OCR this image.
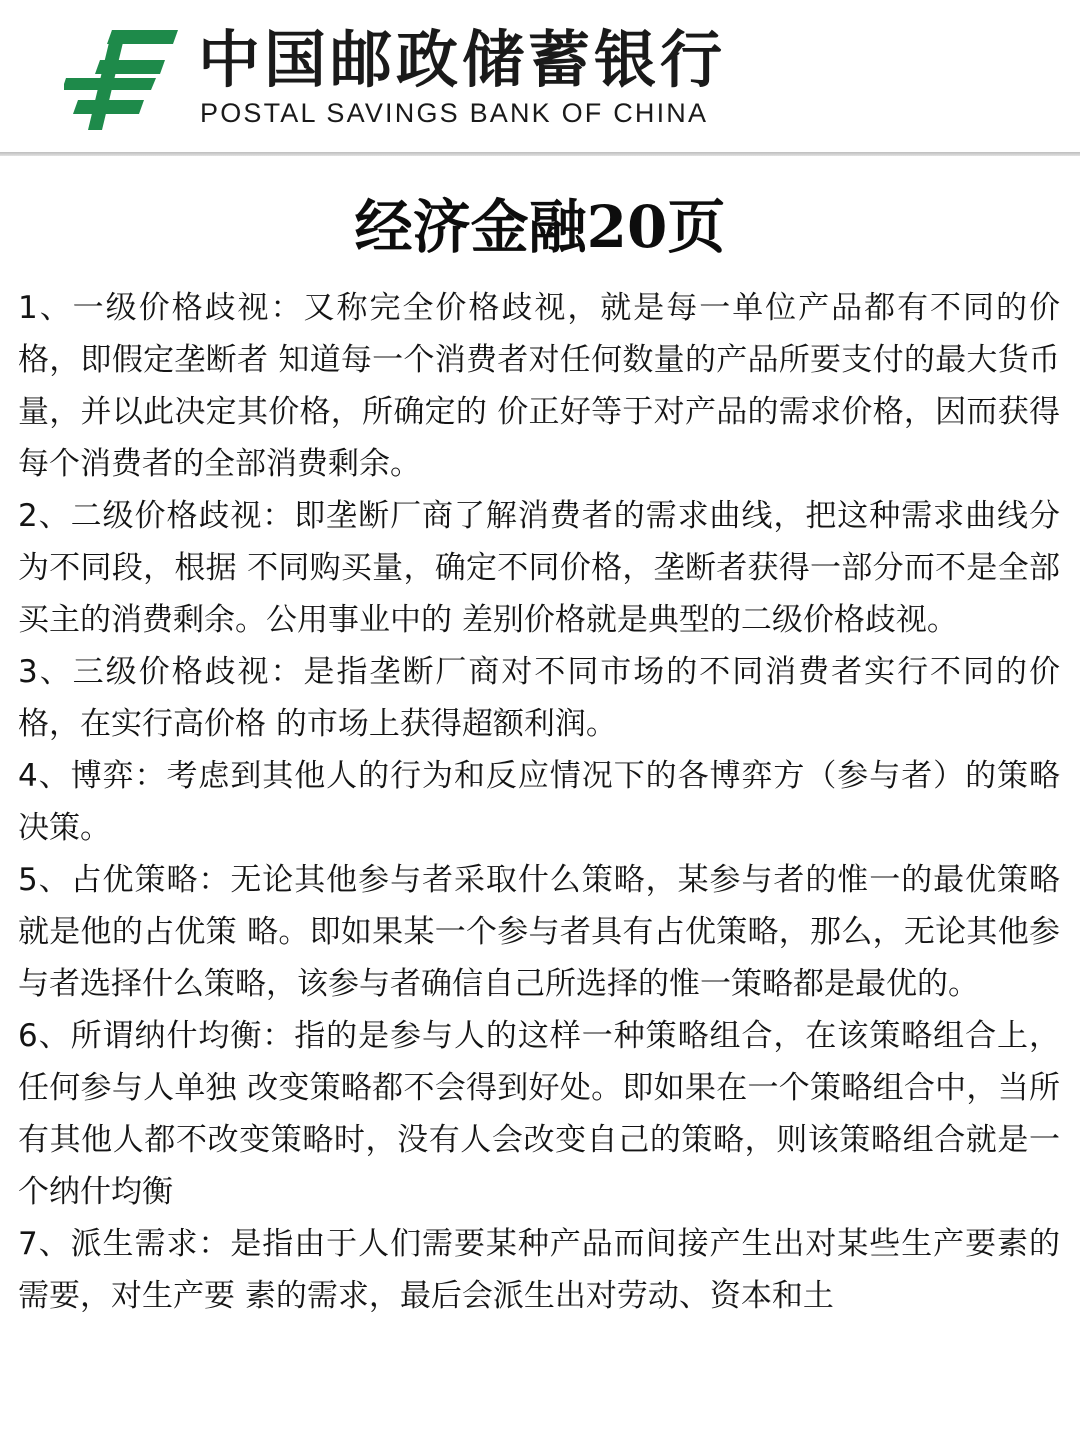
中国邮政储蓄银行
POSTAL SAVINGS BANK OF CHINA
经济金融20页

1、一级价格歧视：又称完全价格歧视，就是每一单位产品都有不同的价格，即假定垄断者 知道每一个消费者对任何数量的产品所要支付的最大货币量，并以此决定其价格，所确定的 价正好等于对产品的需求价格，因而获得每个消费者的全部消费剩余。

2、二级价格歧视：即垄断厂商了解消费者的需求曲线，把这种需求曲线分为不同段，根据 不同购买量，确定不同价格，垄断者获得一部分而不是全部买主的消费剩余。公用事业中的 差别价格就是典型的二级价格歧视。

3、三级价格歧视：是指垄断厂商对不同市场的不同消费者实行不同的价格，在实行高价格 的市场上获得超额利润。

4、博弈：考虑到其他人的行为和反应情况下的各博弈方（参与者）的策略决策。

5、占优策略：无论其他参与者采取什么策略，某参与者的惟一的最优策略就是他的占优策 略。即如果某一个参与者具有占优策略，那么，无论其他参与者选择什么策略，该参与者确信自己所选择的惟一策略都是最优的。

6、所谓纳什均衡：指的是参与人的这样一种策略组合，在该策略组合上，任何参与人单独 改变策略都不会得到好处。即如果在一个策略组合中，当所有其他人都不改变策略时，没有人会改变自己的策略，则该策略组合就是一个纳什均衡

7、派生需求：是指由于人们需要某种产品而间接产生出对某些生产要素的需要，对生产要 素的需求，最后会派生出对劳动、资本和土
